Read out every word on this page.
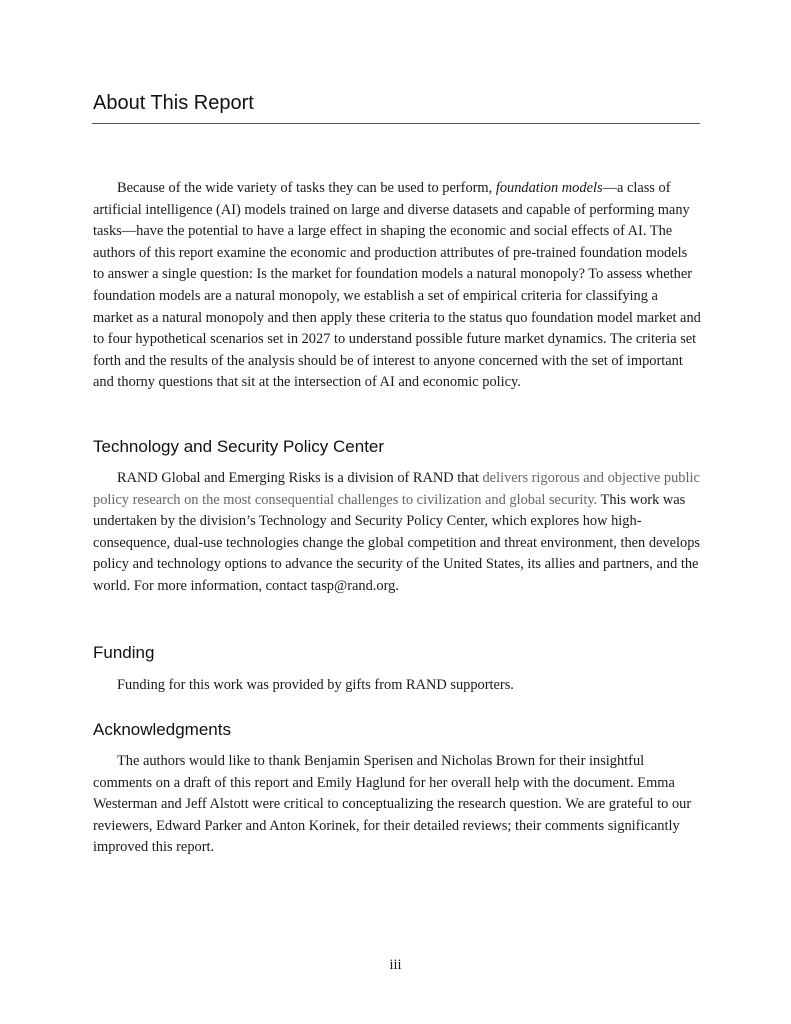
About This Report

Because of the wide variety of tasks they can be used to perform, foundation models—a class of artificial intelligence (AI) models trained on large and diverse datasets and capable of performing many tasks—have the potential to have a large effect in shaping the economic and social effects of AI. The authors of this report examine the economic and production attributes of pre-trained foundation models to answer a single question: Is the market for foundation models a natural monopoly? To assess whether foundation models are a natural monopoly, we establish a set of empirical criteria for classifying a market as a natural monopoly and then apply these criteria to the status quo foundation model market and to four hypothetical scenarios set in 2027 to understand possible future market dynamics. The criteria set forth and the results of the analysis should be of interest to anyone concerned with the set of important and thorny questions that sit at the intersection of AI and economic policy.

Technology and Security Policy Center

RAND Global and Emerging Risks is a division of RAND that delivers rigorous and objective public policy research on the most consequential challenges to civilization and global security. This work was undertaken by the division’s Technology and Security Policy Center, which explores how high-consequence, dual-use technologies change the global competition and threat environment, then develops policy and technology options to advance the security of the United States, its allies and partners, and the world. For more information, contact tasp@rand.org.

Funding

Funding for this work was provided by gifts from RAND supporters.

Acknowledgments

The authors would like to thank Benjamin Sperisen and Nicholas Brown for their insightful comments on a draft of this report and Emily Haglund for her overall help with the document. Emma Westerman and Jeff Alstott were critical to conceptualizing the research question. We are grateful to our reviewers, Edward Parker and Anton Korinek, for their detailed reviews; their comments significantly improved this report.

iii
